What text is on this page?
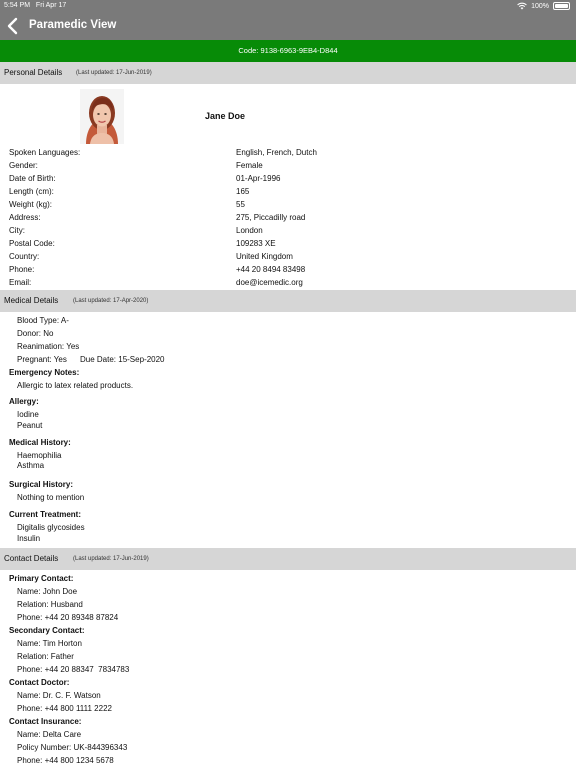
5:54 PM Fri Apr 17	100%
Paramedic View
Code: 9138-6963-9EB4-D844
Personal Details (Last updated: 17-Jun-2019)
Jane Doe
Spoken Languages:	English, French, Dutch
Gender:	Female
Date of Birth:	01-Apr-1996
Length (cm):	165
Weight (kg):	55
Address:	275, Piccadilly road
City:	London
Postal Code:	109283 XE
Country:	United Kingdom
Phone:	+44 20 8494 83498
Email:	doe@icemedic.org
Medical Details (Last updated: 17-Apr-2020)
Blood Type: A-
Donor: No
Reanimation: Yes
Pregnant: Yes Due Date: 15-Sep-2020
Emergency Notes:
Allergic to latex related products.
Allergy:
Iodine
Peanut
Medical History:
Haemophilia
Asthma
Surgical History:
Nothing to mention
Current Treatment:
Digitalis glycosides
Insulin
Contact Details (Last updated: 17-Jun-2019)
Primary Contact:
Name: John Doe
Relation: Husband
Phone: +44 20 89348 87824
Secondary Contact:
Name: Tim Horton
Relation: Father
Phone: +44 20 88347  7834783
Contact Doctor:
Name: Dr. C. F. Watson
Phone: +44 800 1111 2222
Contact Insurance:
Name: Delta Care
Policy Number: UK-844396343
Phone: +44 800 1234 5678
